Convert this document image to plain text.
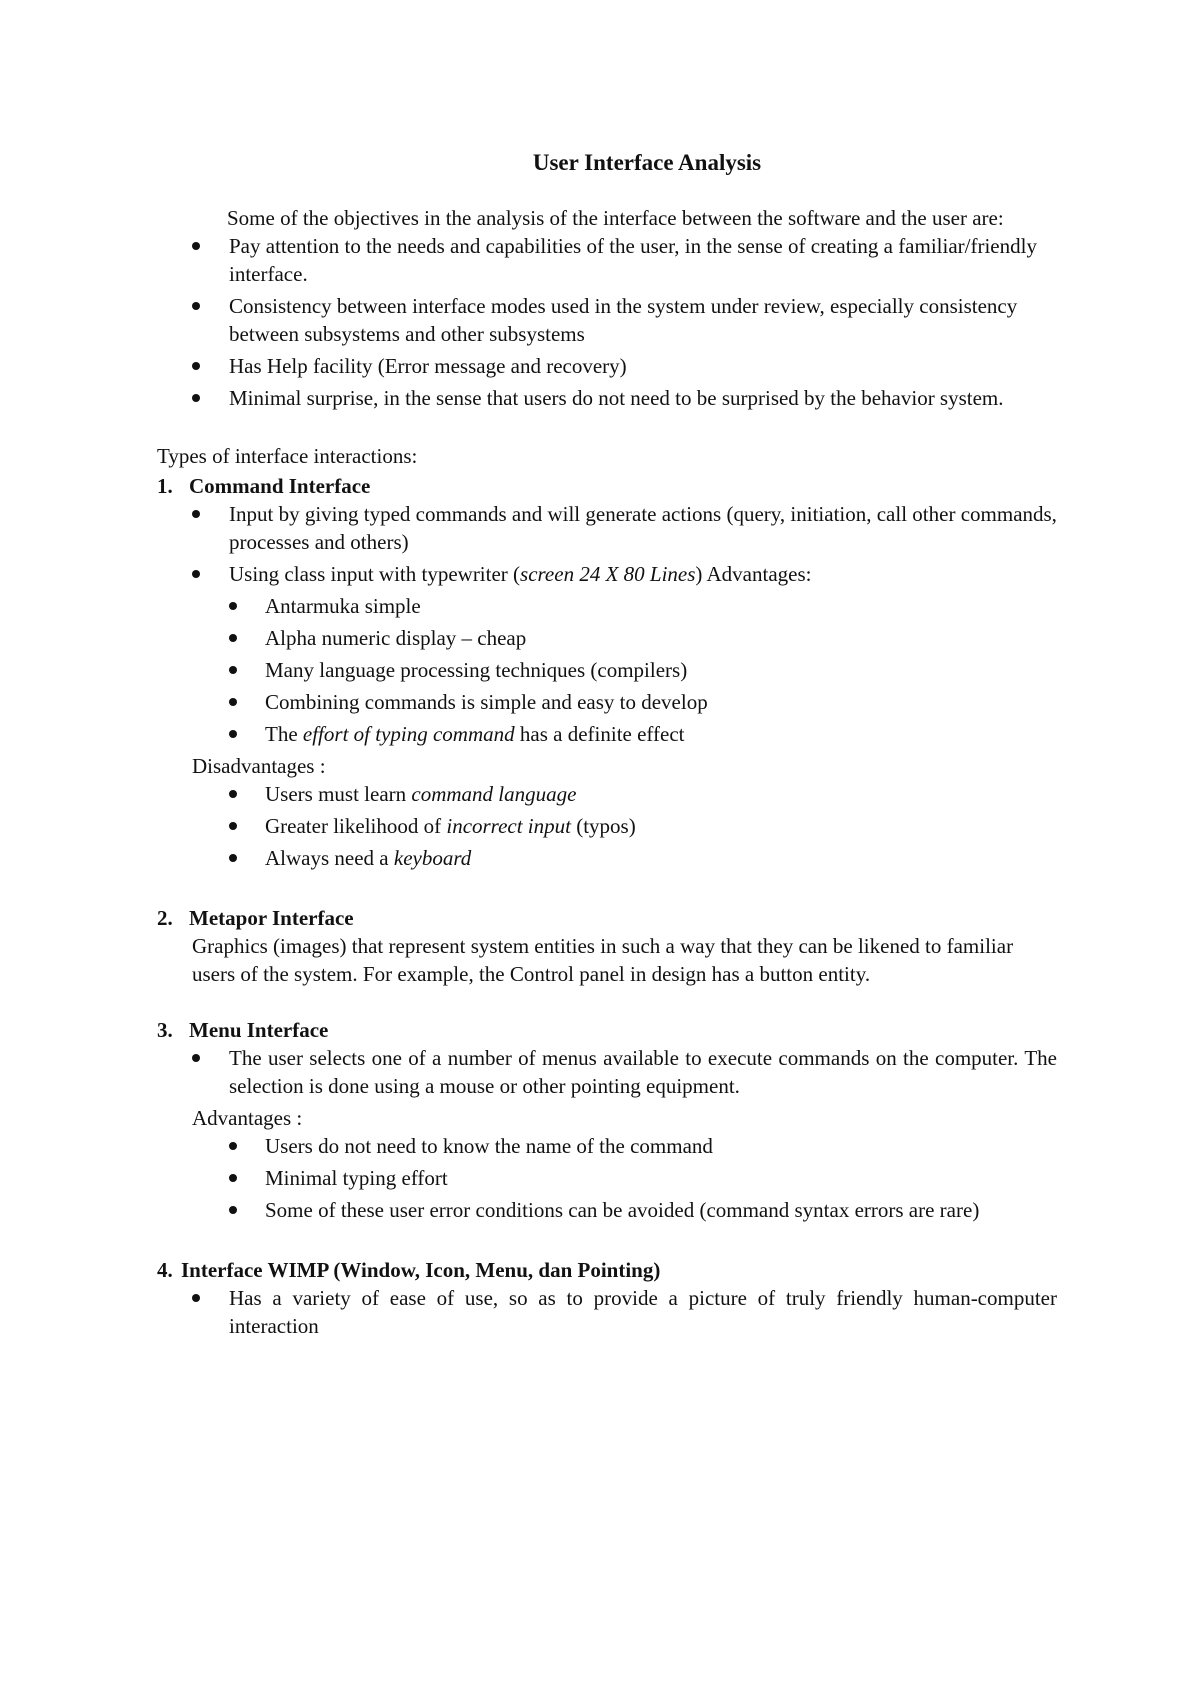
User Interface Analysis

Some of the objectives in the analysis of the interface between the software and the user are:

Pay attention to the needs and capabilities of the user, in the sense of creating a familiar/friendly interface.
Consistency between interface modes used in the system under review, especially consistency between subsystems and other subsystems
Has Help facility (Error message and recovery)
Minimal surprise, in the sense that users do not need to be surprised by the behavior system.

Types of interface interactions:

1. Command Interface
Input by giving typed commands and will generate actions (query, initiation, call other commands, processes and others)
Using class input with typewriter (screen 24 X 80 Lines) Advantages:
Antarmuka simple
Alpha numeric display – cheap
Many language processing techniques (compilers)
Combining commands is simple and easy to develop
The effort of typing command has a definite effect

Disadvantages :

Users must learn command language
Greater likelihood of incorrect input (typos)
Always need a keyboard
2. Metapor Interface

Graphics (images) that represent system entities in such a way that they can be likened to familiar users of the system. For example, the Control panel in design has a button entity.

3. Menu Interface
The user selects one of a number of menus available to execute commands on the computer. The selection is done using a mouse or other pointing equipment.

Advantages :

Users do not need to know the name of the command
Minimal typing effort
Some of these user error conditions can be avoided (command syntax errors are rare)
4. Interface WIMP (Window, Icon, Menu, dan Pointing)
Has a variety of ease of use, so as to provide a picture of truly friendly human-computer interaction
